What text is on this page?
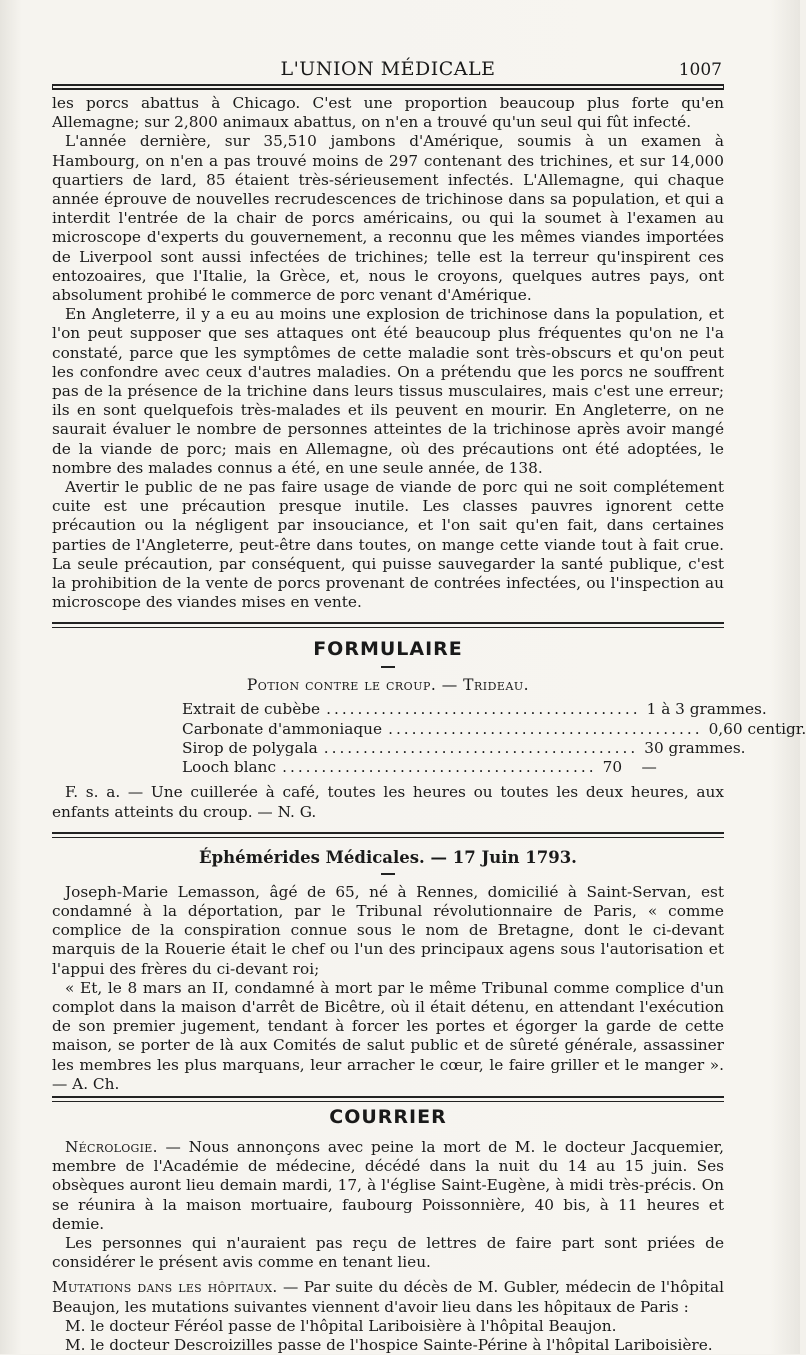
L'UNION MÉDICALE	1007

les porcs abattus à Chicago. C'est une proportion beaucoup plus forte qu'en Allemagne; sur 2,800 animaux abattus, on n'en a trouvé qu'un seul qui fût infecté.

L'année dernière, sur 35,510 jambons d'Amérique, soumis à un examen à Hambourg, on n'en a pas trouvé moins de 297 contenant des trichines, et sur 14,000 quartiers de lard, 85 étaient très-sérieusement infectés. L'Allemagne, qui chaque année éprouve de nouvelles recrudescences de trichinose dans sa population, et qui a interdit l'entrée de la chair de porcs américains, ou qui la soumet à l'examen au microscope d'experts du gouvernement, a reconnu que les mêmes viandes importées de Liverpool sont aussi infectées de trichines; telle est la terreur qu'inspirent ces entozoaires, que l'Italie, la Grèce, et, nous le croyons, quelques autres pays, ont absolument prohibé le commerce de porc venant d'Amérique.

En Angleterre, il y a eu au moins une explosion de trichinose dans la population, et l'on peut supposer que ses attaques ont été beaucoup plus fréquentes qu'on ne l'a constaté, parce que les symptômes de cette maladie sont très-obscurs et qu'on peut les confondre avec ceux d'autres maladies. On a prétendu que les porcs ne souffrent pas de la présence de la trichine dans leurs tissus musculaires, mais c'est une erreur; ils en sont quelquefois très-malades et ils peuvent en mourir. En Angleterre, on ne saurait évaluer le nombre de personnes atteintes de la trichinose après avoir mangé de la viande de porc; mais en Allemagne, où des précautions ont été adoptées, le nombre des malades connus a été, en une seule année, de 138.

Avertir le public de ne pas faire usage de viande de porc qui ne soit complétement cuite est une précaution presque inutile. Les classes pauvres ignorent cette précaution ou la négligent par insouciance, et l'on sait qu'en fait, dans certaines parties de l'Angleterre, peut-être dans toutes, on mange cette viande tout à fait crue. La seule précaution, par conséquent, qui puisse sauvegarder la santé publique, c'est la prohibition de la vente de porcs provenant de contrées infectées, ou l'inspection au microscope des viandes mises en vente.

FORMULAIRE
Potion contre le croup. — Trideau.
Extrait de cubèbe ........................................ 1 à 3 grammes.
Carbonate d'ammoniaque ........................................ 0,60 centigr.
Sirop de polygala ........................................ 30 grammes.
Looch blanc ........................................ 70    —

F. s. a. — Une cuillerée à café, toutes les heures ou toutes les deux heures, aux enfants atteints du croup. — N. G.

Éphémérides Médicales. — 17 Juin 1793.

Joseph-Marie Lemasson, âgé de 65, né à Rennes, domicilié à Saint-Servan, est condamné à la déportation, par le Tribunal révolutionnaire de Paris, « comme complice de la conspiration connue sous le nom de Bretagne, dont le ci-devant marquis de la Rouerie était le chef ou l'un des principaux agens sous l'autorisation et l'appui des frères du ci-devant roi;

« Et, le 8 mars an II, condamné à mort par le même Tribunal comme complice d'un complot dans la maison d'arrêt de Bicêtre, où il était détenu, en attendant l'exécution de son premier jugement, tendant à forcer les portes et égorger la garde de cette maison, se porter de là aux Comités de salut public et de sûreté générale, assassiner les membres les plus marquans, leur arracher le cœur, le faire griller et le manger ». — A. Ch.

COURRIER

Nécrologie. — Nous annonçons avec peine la mort de M. le docteur Jacquemier, membre de l'Académie de médecine, décédé dans la nuit du 14 au 15 juin. Ses obsèques auront lieu demain mardi, 17, à l'église Saint-Eugène, à midi très-précis. On se réunira à la maison mortuaire, faubourg Poissonnière, 40 bis, à 11 heures et demie.

Les personnes qui n'auraient pas reçu de lettres de faire part sont priées de considérer le présent avis comme en tenant lieu.

Mutations dans les hôpitaux. — Par suite du décès de M. Gubler, médecin de l'hôpital Beaujon, les mutations suivantes viennent d'avoir lieu dans les hôpitaux de Paris :

M. le docteur Féréol passe de l'hôpital Lariboisière à l'hôpital Beaujon.

M. le docteur Descroizilles passe de l'hospice Sainte-Périne à l'hôpital Lariboisière.
